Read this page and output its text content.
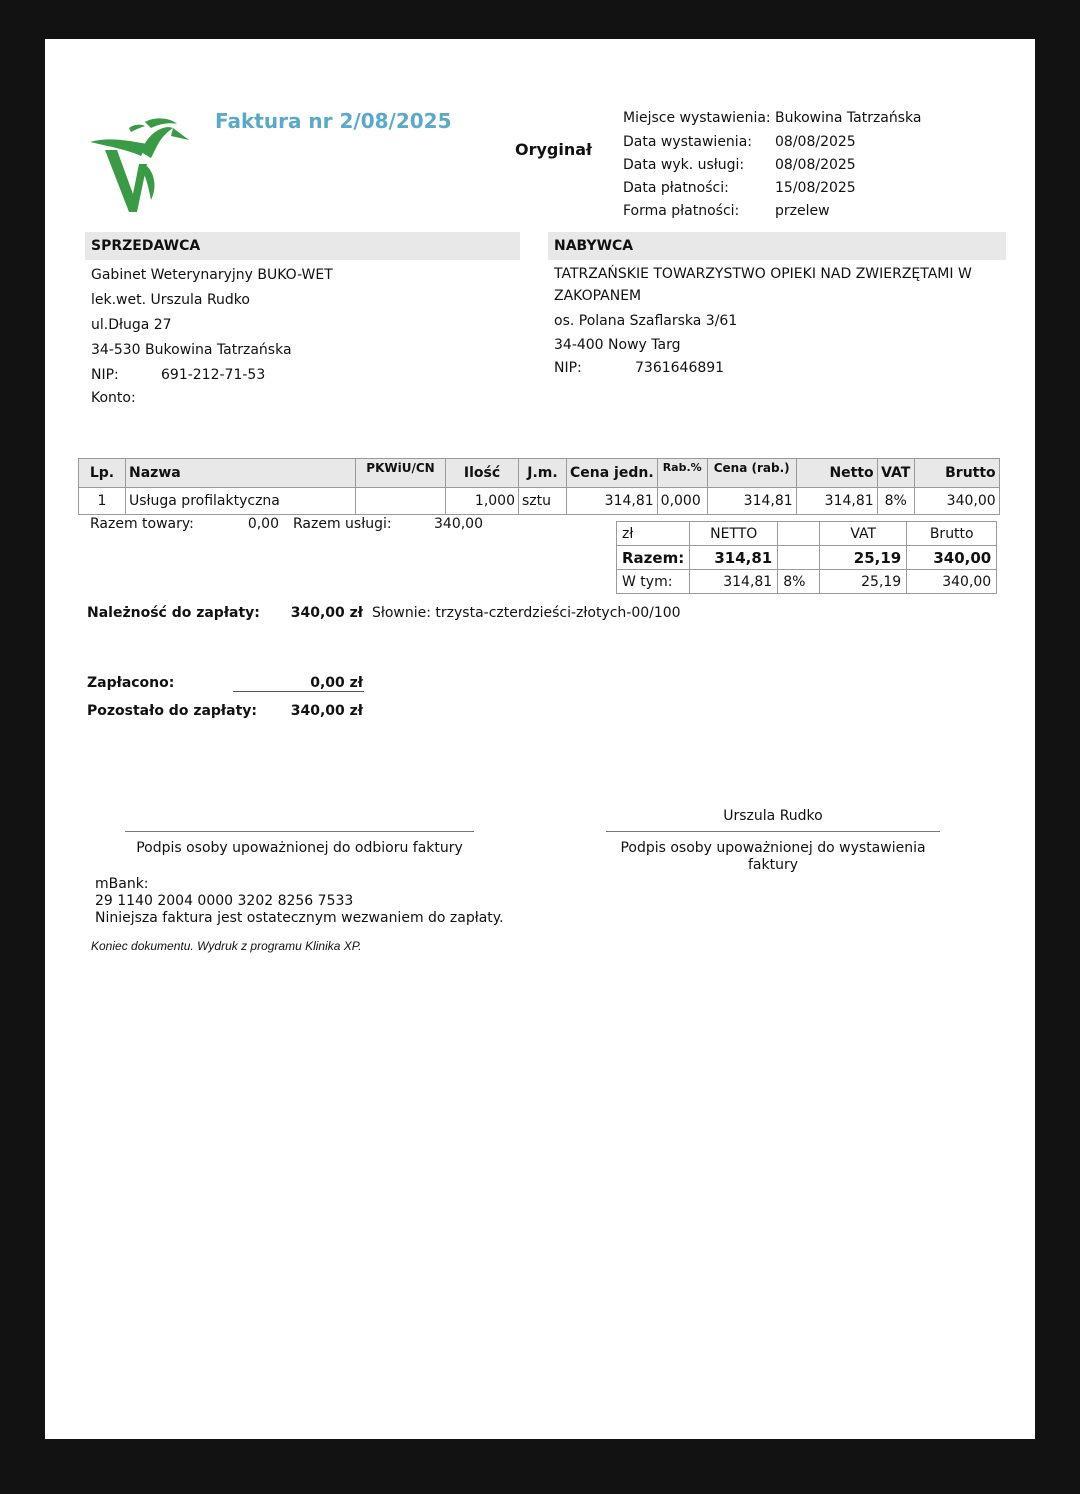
Faktura nr 2/08/2025
Oryginał
Miejsce wystawienia: Bukowina Tatrzańska
Data wystawienia:	08/08/2025
Data wyk. usługi:	08/08/2025
Data płatności:	15/08/2025
Forma płatności:	przelew
SPRZEDAWCA
Gabinet Weterynaryjny BUKO-WET
lek.wet. Urszula Rudko
ul.Długa 27
34-530 Bukowina Tatrzańska
NIP:	691-212-71-53
Konto:
NABYWCA
TATRZAŃSKIE TOWARZYSTWO OPIEKI NAD ZWIERZĘTAMI W
ZAKOPANEM
os. Polana Szaflarska 3/61
34-400 Nowy Targ
NIP:	7361646891
Lp.	Nazwa	PKWiU/CN	Ilość	J.m.	Cena jedn.	Rab.%	Cena (rab.)	Netto	VAT	Brutto
1	Usługa profilaktyczna		1,000	sztu	314,81	0,000	314,81	314,81	8%	340,00
Razem towary:	0,00 Razem usługi:	340,00
zł	NETTO		VAT	Brutto
Razem:	314,81		25,19	340,00
W tym:	314,81	8%	25,19	340,00
Należność do zapłaty: 340,00 zł Słownie: trzysta-czterdzieści-złotych-00/100
Zapłacono:	0,00 zł
Pozostało do zapłaty:	340,00 zł
Urszula Rudko
Podpis osoby upoważnionej do odbioru faktury	Podpis osoby upoważnionej do wystawienia faktury
mBank:
29 1140 2004 0000 3202 8256 7533
Niniejsza faktura jest ostatecznym wezwaniem do zapłaty.
Koniec dokumentu. Wydruk z programu Klinika XP.
